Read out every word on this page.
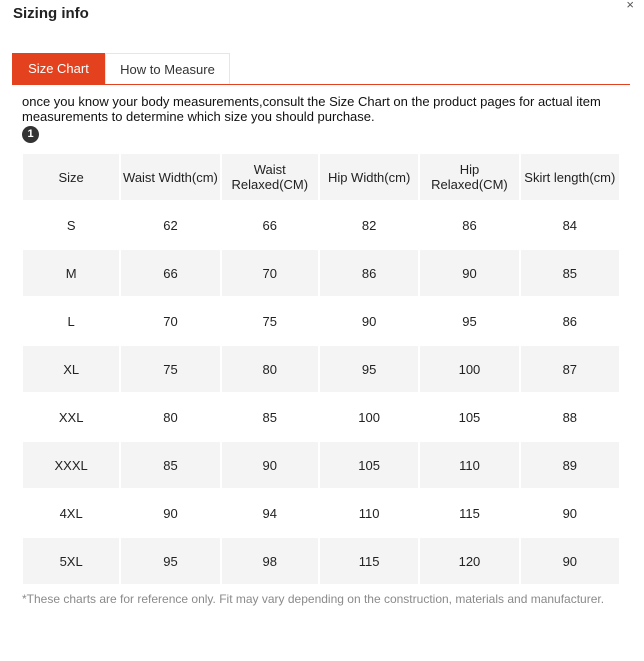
Sizing info
×
Size Chart	How to Measure
once you know your body measurements,consult the Size Chart on the product pages for actual item measurements to determine which size you should purchase.
1
Size	Waist Width(cm)	Waist Relaxed(CM)	Hip Width(cm)	Hip Relaxed(CM)	Skirt length(cm)
S	62	66	82	86	84
M	66	70	86	90	85
L	70	75	90	95	86
XL	75	80	95	100	87
XXL	80	85	100	105	88
XXXL	85	90	105	110	89
4XL	90	94	110	115	90
5XL	95	98	115	120	90
*These charts are for reference only. Fit may vary depending on the construction, materials and manufacturer.
